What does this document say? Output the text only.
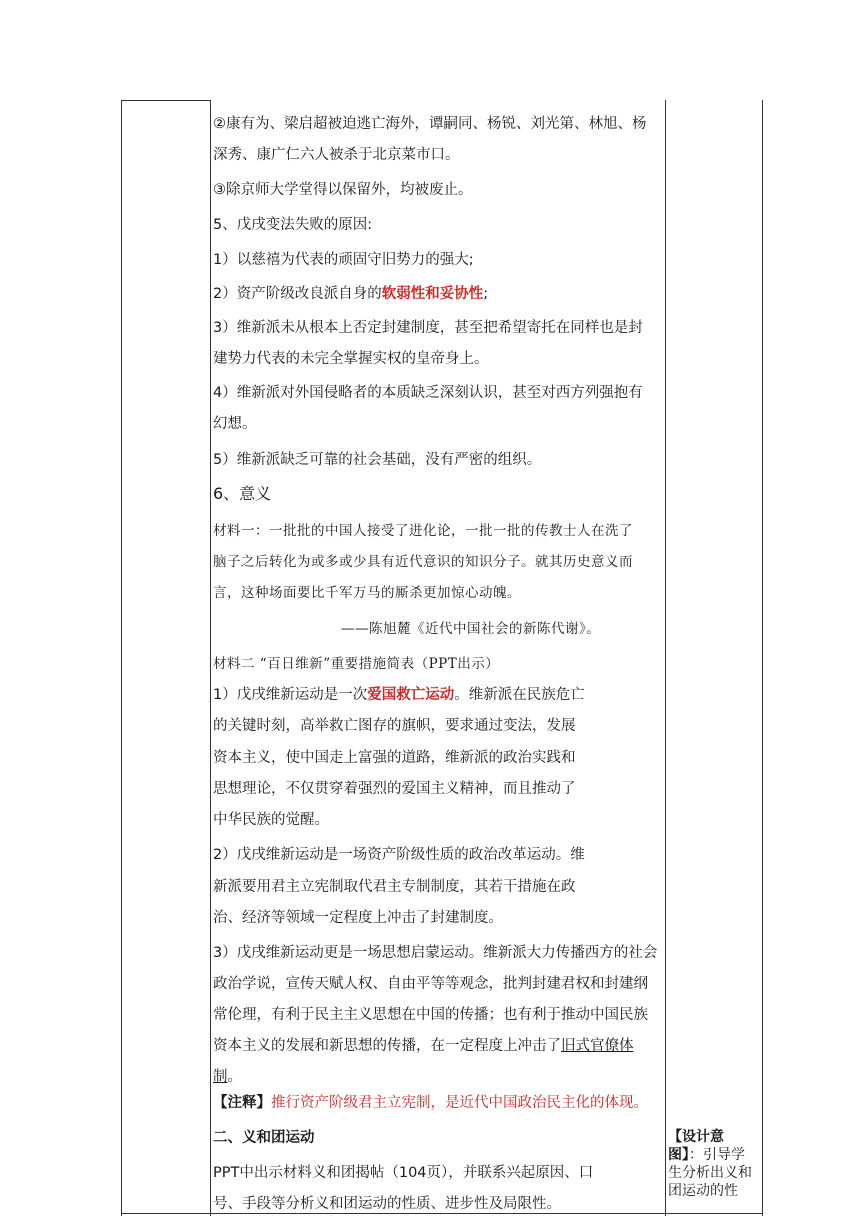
②康有为、梁启超被迫逃亡海外，谭嗣同、杨锐、刘光第、林旭、杨
深秀、康广仁六人被杀于北京菜市口。
③除京师大学堂得以保留外，均被废止。
5、戊戌变法失败的原因:
1）以慈禧为代表的顽固守旧势力的强大;
2）资产阶级改良派自身的软弱性和妥协性;
3）维新派未从根本上否定封建制度，甚至把希望寄托在同样也是封
建势力代表的未完全掌握实权的皇帝身上。
4）维新派对外国侵略者的本质缺乏深刻认识，甚至对西方列强抱有
幻想。
5）维新派缺乏可靠的社会基础，没有严密的组织。
6、意义
材料一：一批批的中国人接受了进化论，一批一批的传教士人在洗了
脑子之后转化为或多或少具有近代意识的知识分子。就其历史意义而
言，这种场面要比千军万马的厮杀更加惊心动魄。
——陈旭麓《近代中国社会的新陈代谢》。
材料二 “百日维新”重要措施简表（PPT出示）
1）戊戌维新运动是一次爱国救亡运动。维新派在民族危亡
的关键时刻，高举救亡图存的旗帜，要求通过变法，发展
资本主义，使中国走上富强的道路，维新派的政治实践和
思想理论，不仅贯穿着强烈的爱国主义精神，而且推动了
中华民族的觉醒。
2）戊戌维新运动是一场资产阶级性质的政治改革运动。维
新派要用君主立宪制取代君主专制制度，其若干措施在政
治、经济等领域一定程度上冲击了封建制度。
3）戊戌维新运动更是一场思想启蒙运动。维新派大力传播西方的社会
政治学说，宣传天赋人权、自由平等等观念，批判封建君权和封建纲
常伦理，有利于民主主义思想在中国的传播；也有利于推动中国民族
资本主义的发展和新思想的传播，在一定程度上冲击了旧式官僚体
制。
【注释】推行资产阶级君主立宪制，是近代中国政治民主化的体现。
二、义和团运动
PPT中出示材料义和团揭帖（104页），并联系兴起原因、口
号、手段等分析义和团运动的性质、进步性及局限性。
【设计意
图】：引导学
生分析出义和
团运动的性
